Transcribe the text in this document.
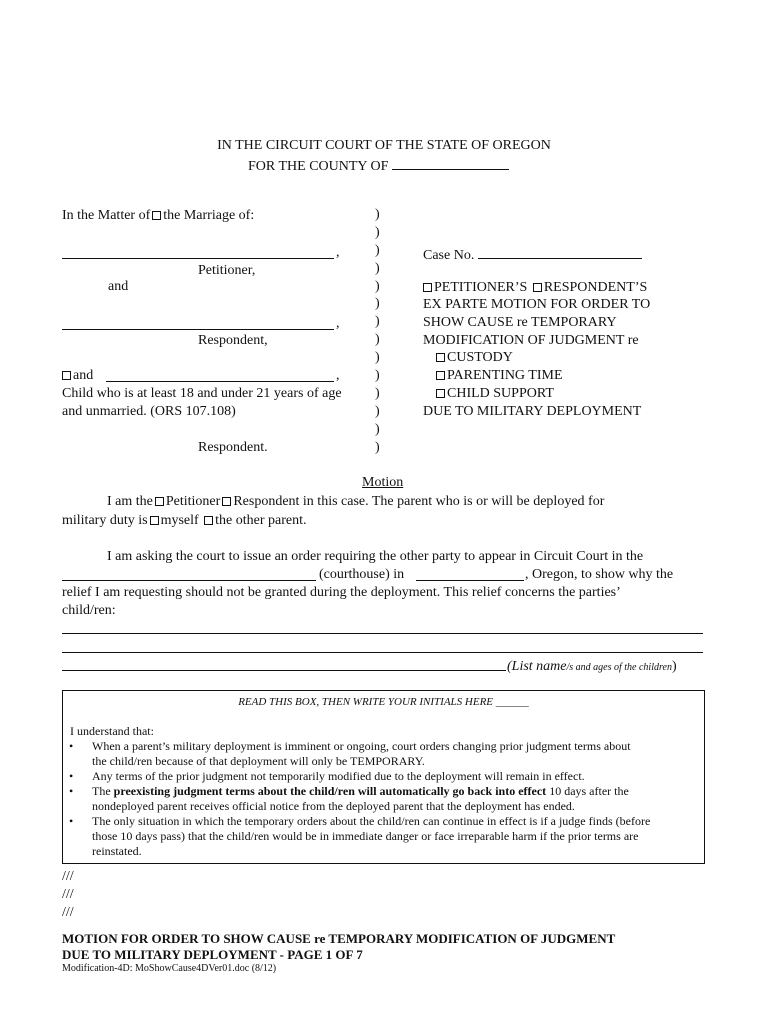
IN THE CIRCUIT COURT OF THE STATE OF OREGON
FOR THE COUNTY OF
In the Matter of the Marriage of:
,
Petitioner,
and
,
Respondent,
and	,
Child who is at least 18 and under 21 years of age
and unmarried. (ORS 107.108)
Respondent.
)
)
)
)
)
)
)
)
)
)
)
)
)
)
Case No.
PETITIONER’S RESPONDENT’S
EX PARTE MOTION FOR ORDER TO
SHOW CAUSE re TEMPORARY
MODIFICATION OF JUDGMENT re
CUSTODY
PARENTING TIME
CHILD SUPPORT
DUE TO MILITARY DEPLOYMENT
Motion
I am the Petitioner Respondent in this case. The parent who is or will be deployed for
military duty is myself the other parent.
I am asking the court to issue an order requiring the other party to appear in Circuit Court in the
(courthouse) in	, Oregon, to show why the
relief I am requesting should not be granted during the deployment. This relief concerns the parties’
child/ren:
(List name/s and ages of the children)
READ THIS BOX, THEN WRITE YOUR INITIALS HERE ______
I understand that:
• When a parent’s military deployment is imminent or ongoing, court orders changing prior judgment terms about the child/ren because of that deployment will only be TEMPORARY.
• Any terms of the prior judgment not temporarily modified due to the deployment will remain in effect.
• The preexisting judgment terms about the child/ren will automatically go back into effect 10 days after the nondeployed parent receives official notice from the deployed parent that the deployment has ended.
• The only situation in which the temporary orders about the child/ren can continue in effect is if a judge finds (before those 10 days pass) that the child/ren would be in immediate danger or face irreparable harm if the prior terms are reinstated.
///
///
///
MOTION FOR ORDER TO SHOW CAUSE re TEMPORARY MODIFICATION OF JUDGMENT
DUE TO MILITARY DEPLOYMENT - PAGE 1 OF 7
Modification-4D: MoShowCause4DVer01.doc (8/12)
